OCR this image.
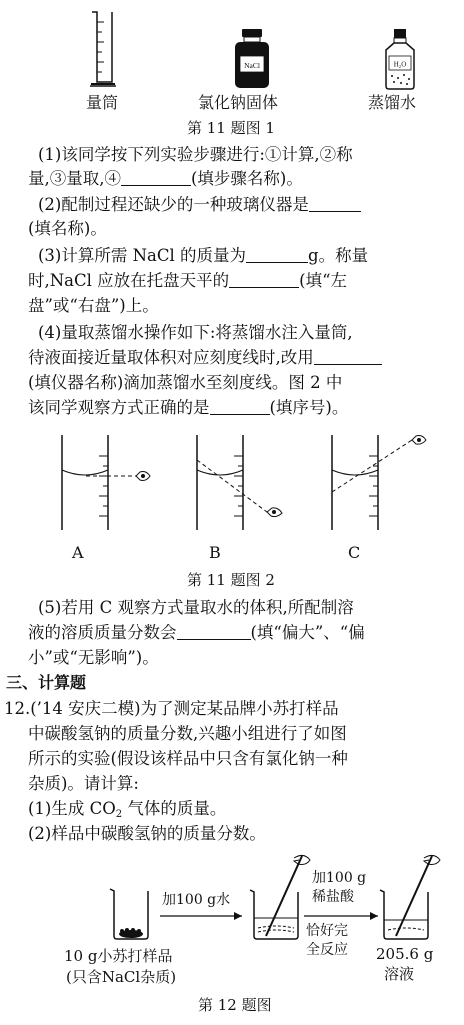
NaCl	H₂O
量筒	氯化钠固体	蒸馏水
第 11 题图 1
(1)该同学按下列实验步骤进行:①计算,②称
量,③量取,④	(填步骤名称)。
(2)配制过程还缺少的一种玻璃仪器是
(填名称)。
(3)计算所需 NaCl 的质量为	g。称量
时,NaCl 应放在托盘天平的	(填“左
盘”或“右盘”)上。
(4)量取蒸馏水操作如下:将蒸馏水注入量筒,
待液面接近量取体积对应刻度线时,改用
(填仪器名称)滴加蒸馏水至刻度线。图 2 中
该同学观察方式正确的是	(填序号)。
A	B	C
第 11 题图 2
(5)若用 C 观察方式量取水的体积,所配制溶
液的溶质质量分数会	(填“偏大”、“偏
小”或“无影响”)。
三、计算题
12.(’14 安庆二模)为了测定某品牌小苏打样品
中碳酸氢钠的质量分数,兴趣小组进行了如图
所示的实验(假设该样品中只含有氯化钠一种
杂质)。请计算:
(1)生成 $CO_2$ 气体的质量。
(2)样品中碳酸氢钠的质量分数。
加100 g水
加100 g
稀盐酸
恰好完
全反应
10 g小苏打样品
(只含NaCl杂质)
205.6 g
溶液
第 12 题图
